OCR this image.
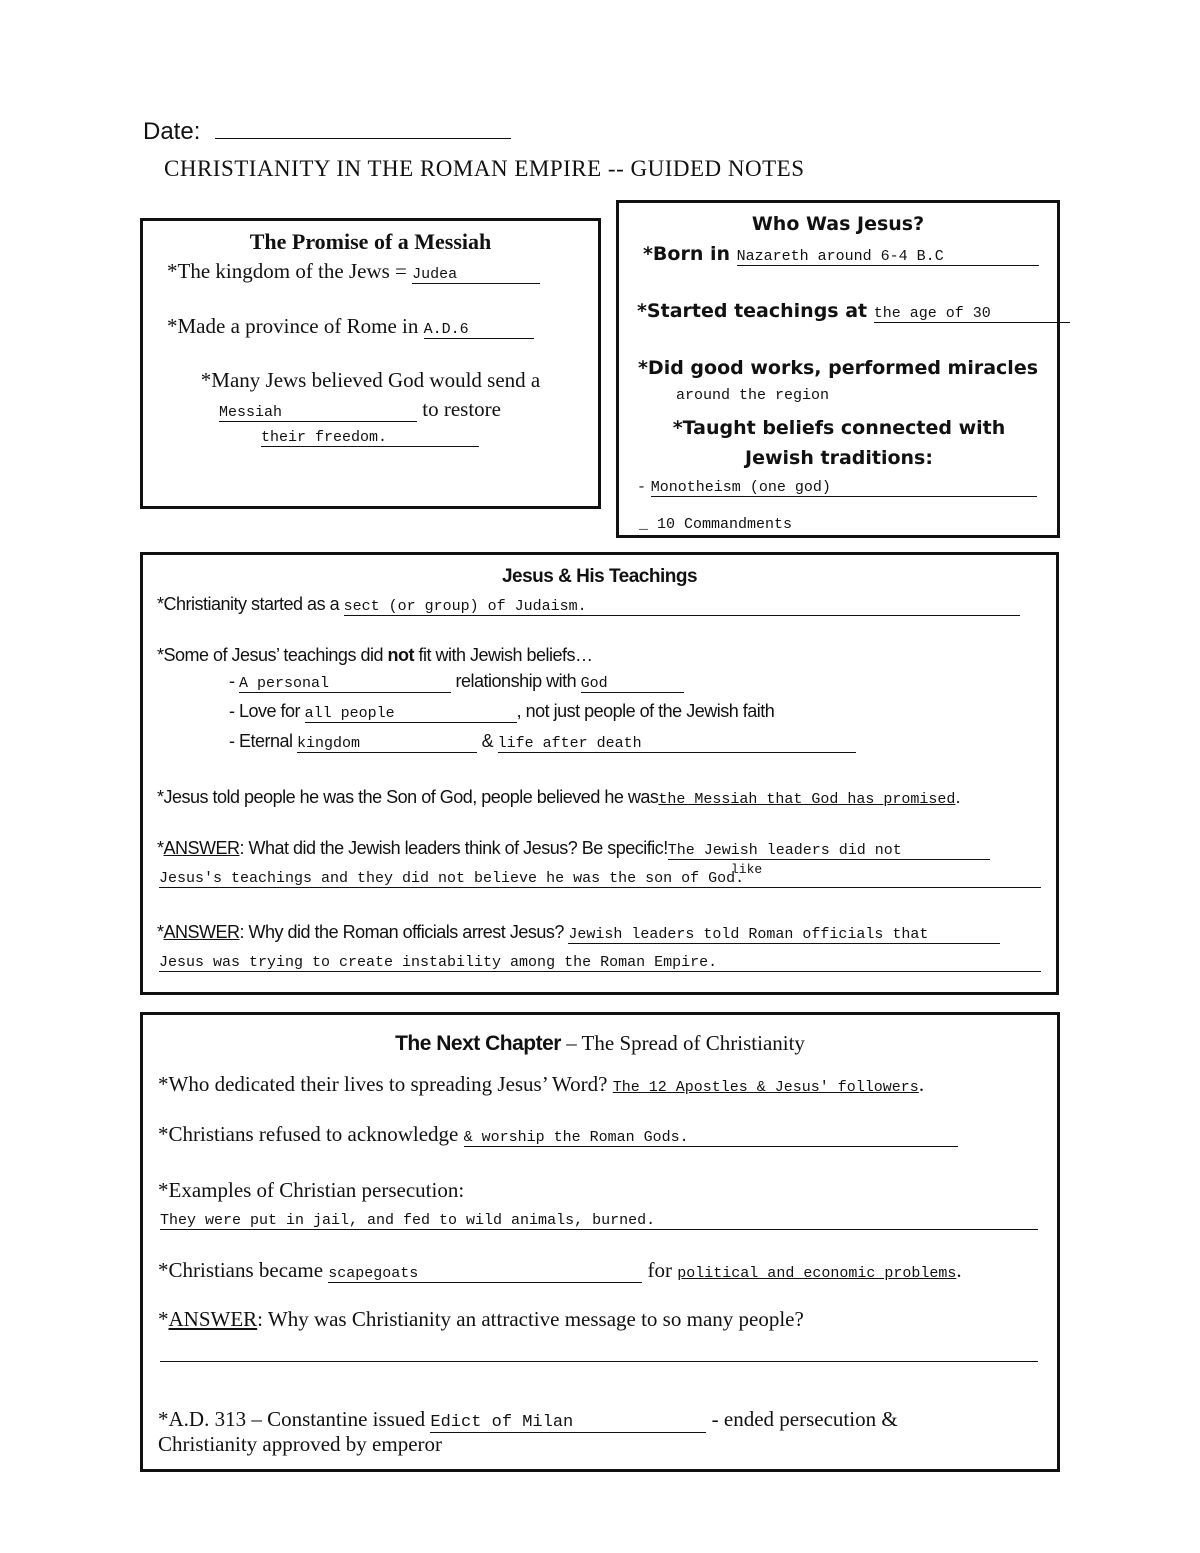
Date:
CHRISTIANITY IN THE ROMAN EMPIRE -- GUIDED NOTES
The Promise of a Messiah
*The kingdom of the Jews = Judea
*Made a province of Rome in A.D.6
*Many Jews believed God would send a
Messiah	to restore
their freedom.
Who Was Jesus?
*Born in Nazareth around 6-4 B.C
*Started teachings at the age of 30
*Did good works, performed miracles
around the region
*Taught beliefs connected with Jewish traditions:
- Monotheism (one god)
_ 10 Commandments
Jesus & His Teachings
*Christianity started as a sect (or group) of Judaism.
*Some of Jesus’ teachings did not fit with Jewish beliefs…
- A personal	relationship with God
- Love for all people	, not just people of the Jewish faith
- Eternal kingdom	& life after death
*Jesus told people he was the Son of God, people believed he wasthe Messiah that God has promised.
*ANSWER: What did the Jewish leaders think of Jesus? Be specific!The Jewish leaders did not
like
Jesus's teachings and they did not believe he was the son of God.
*ANSWER: Why did the Roman officials arrest Jesus? Jewish leaders told Roman officials that
Jesus was trying to create instability among the Roman Empire.
The Next Chapter – The Spread of Christianity
*Who dedicated their lives to spreading Jesus’ Word? The 12 Apostles & Jesus' followers.
*Christians refused to acknowledge & worship the Roman Gods.
*Examples of Christian persecution:
They were put in jail, and fed to wild animals, burned.
*Christians became scapegoats	for political and economic problems.
*ANSWER: Why was Christianity an attractive message to so many people?
*A.D. 313 – Constantine issued Edict of Milan	- ended persecution &
Christianity approved by emperor
